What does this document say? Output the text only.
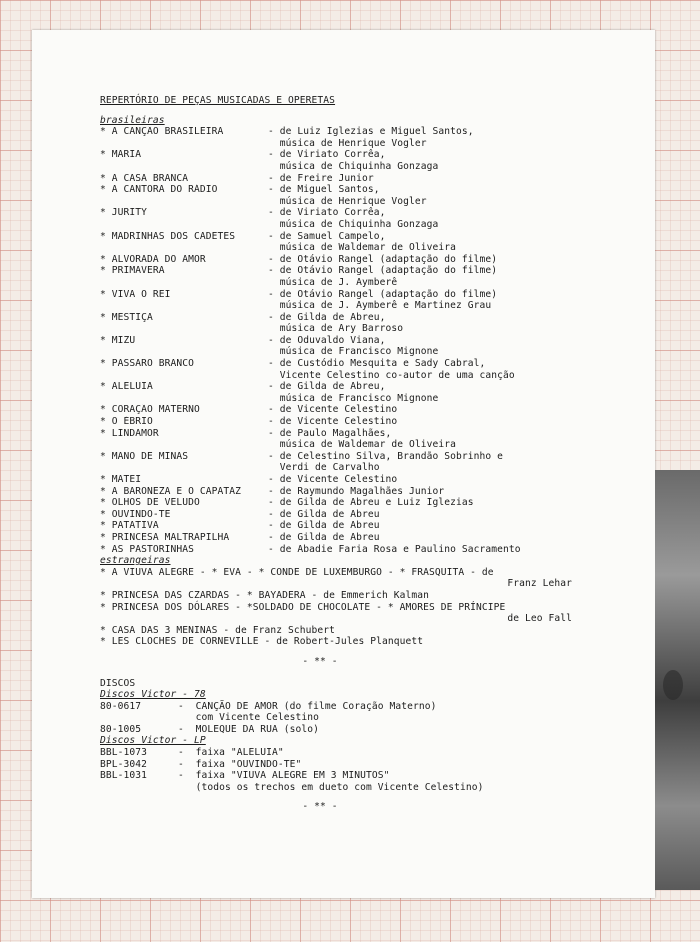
REPERTÓRIO DE PEÇAS MUSICADAS E OPERETAS
brasileiras
* A CANÇÃO BRASILEIRA	- de Luiz Iglezias e Miguel Santos,
música de Henrique Vogler
* MARIA	- de Viriato Corrêa,
música de Chiquinha Gonzaga
* A CASA BRANCA	- de Freire Junior
* A CANTORA DO RÁDIO	- de Miguel Santos,
música de Henrique Vogler
* JURITY	- de Viriato Corrêa,
música de Chiquinha Gonzaga
* MADRINHAS DOS CADETES	- de Samuel Campelo,
música de Waldemar de Oliveira
* ALVORADA DO AMOR	- de Otávio Rangel (adaptação do filme)
* PRIMAVERA	- de Otávio Rangel (adaptação do filme)
música de J. Aymberê
* VIVA O REI	- de Otávio Rangel (adaptação do filme)
música de J. Aymberê e Martinez Grau
* MESTIÇA	- de Gilda de Abreu,
música de Ary Barroso
* MIZÚ	- de Oduvaldo Viana,
música de Francisco Mignone
* PASSARO BRANCO	- de Custódio Mesquita e Sady Cabral,
Vicente Celestino co-autor de uma canção
* ALELUIA	- de Gilda de Abreu,
música de Francisco Mignone
* CORAÇÃO MATERNO	- de Vicente Celestino
* O ÉBRIO	- de Vicente Celestino
* LINDAMOR	- de Paulo Magalhães,
música de Waldemar de Oliveira
* MANO DE MINAS	- de Celestino Silva, Brandão Sobrinho e
Verdi de Carvalho
* MATEI	- de Vicente Celestino
* A BARONEZA E O CAPATAZ	- de Raymundo Magalhães Junior
* OLHOS DE VELUDO	- de Gilda de Abreu e Luiz Iglezias
* OUVINDO-TE	- de Gilda de Abreu
* PATATIVA	- de Gilda de Abreu
* PRINCESA MALTRAPILHA	- de Gilda de Abreu
* AS PASTORINHAS	- de Abadie Faria Rosa e Paulino Sacramento
estrangeiras
* A VIUVA ALEGRE - * EVA - * CONDE DE LUXEMBURGO - * FRASQUITA - de
Franz Lehar
* PRINCESA DAS CZARDAS - * BAYADERA - de Emmerich Kalman
* PRINCESA DOS DÓLARES - *SOLDADO DE CHOCOLATE - * AMORES DE PRÍNCIPE
de Leo Fall
* CASA DAS 3 MENINAS - de Franz Schubert
* LES CLOCHES DE CORNEVILLE - de Robert-Jules Planquett
- ** -
DISCOS
Discos Victor - 78
80-0617	-  CANÇÃO DE AMOR (do filme Coração Materno)
com Vicente Celestino
80-1005	-  MOLEQUE DA RUA (solo)
Discos Victor - LP
BBL-1073	-  faixa "ALELUIA"
BPL-3042	-  faixa "OUVINDO-TE"
BBL-1031	-  faixa "VIUVA ALEGRE EM 3 MINUTOS"
(todos os trechos em dueto com Vicente Celestino)
- ** -
